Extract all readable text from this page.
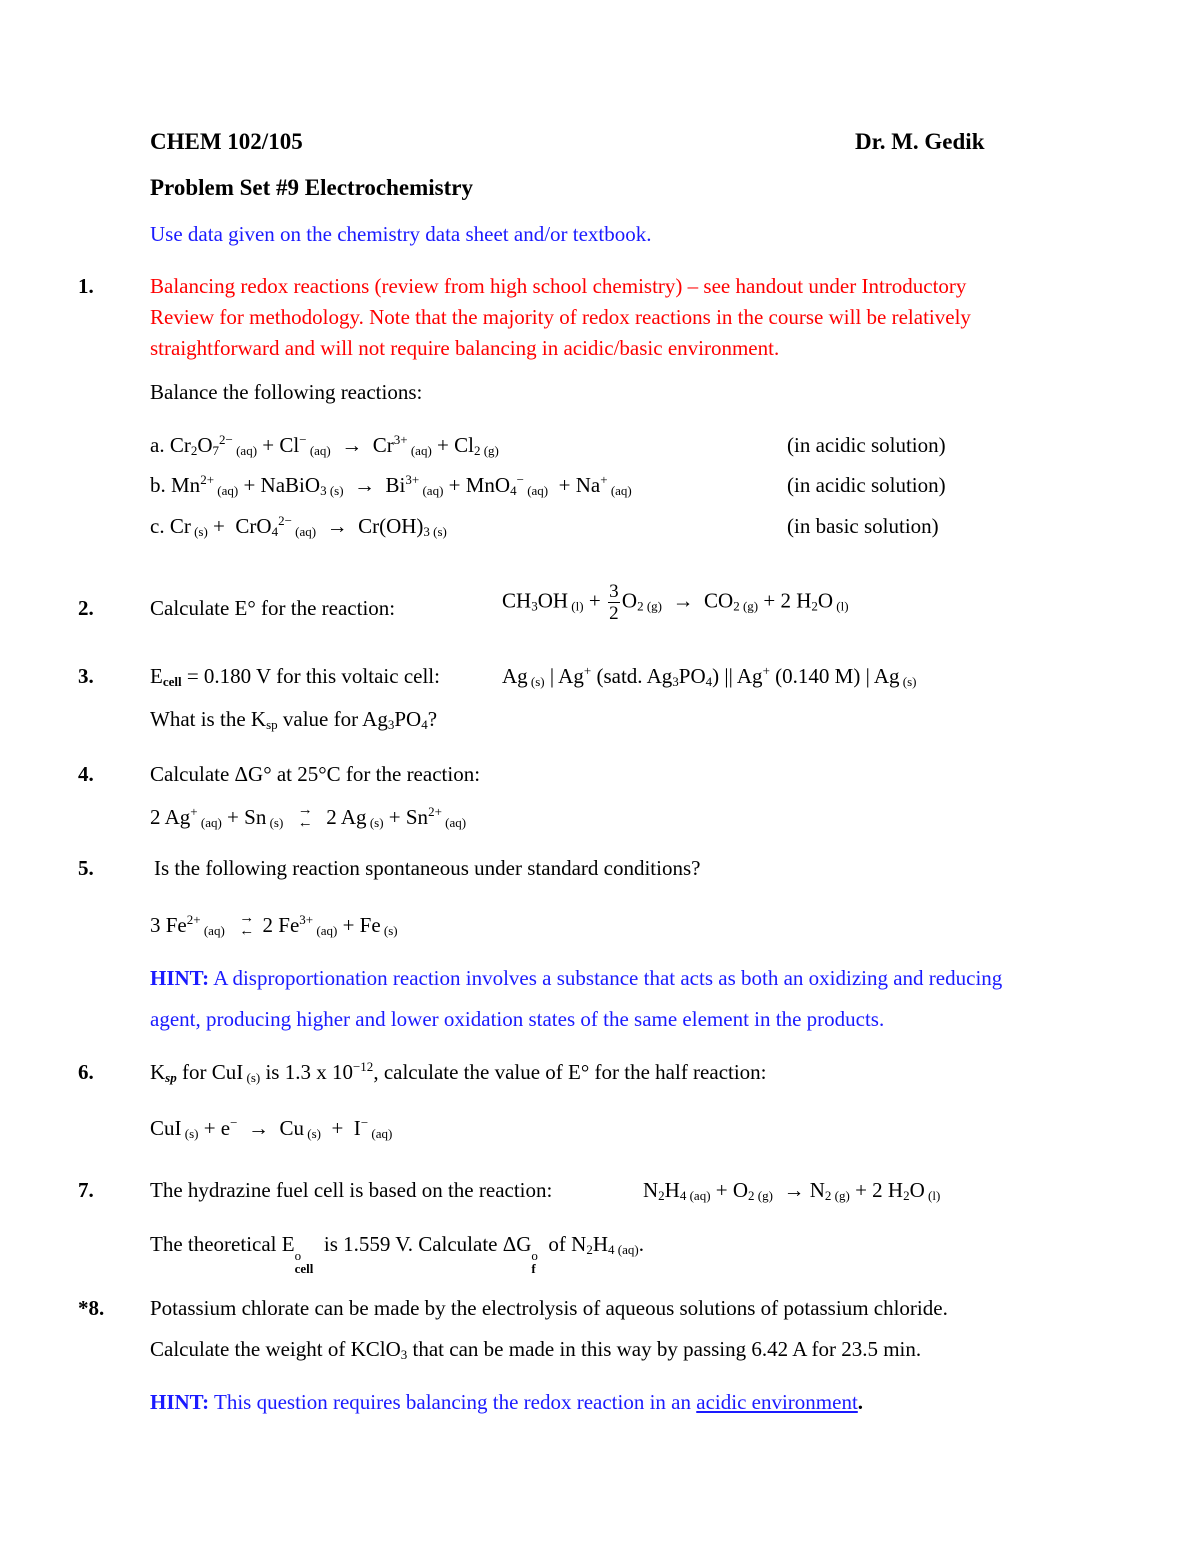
CHEM 102/105	Dr. M. Gedik
Problem Set #9 Electrochemistry
Use data given on the chemistry data sheet and/or textbook.
1.	Balancing redox reactions (review from high school chemistry) – see handout under Introductory
Review for methodology. Note that the majority of redox reactions in the course will be relatively
straightforward and will not require balancing in acidic/basic environment.
Balance the following reactions:
a. $Cr_2O_7^{2-}$ (aq) + Cl− $(aq) \to Cr^{3+}$ $(aq) + Cl_2$ (g)	(in acidic solution)
b. $Mn^{2+}$ (aq) + NaBiO$_3$ $(s) \to Bi^{3+}$ (aq) + MnO$_4$− (aq)  + Na+ (aq)	(in acidic solution)
c. Cr (s) +  CrO$_4^{2-}$ $(aq) \to Cr(OH)_3$ (s)	(in basic solution)
2.	Calculate E° for the reaction:	$CH_3OH$ $(l) + \frac{3}{2} O_2$ $(g) \to CO_2$ (g) + 2 $H_2O$ (l)
3.	$E_{cell} = 0.180$ V for this voltaic cell:	Ag (s) | Ag+ (satd. $Ag_3PO_4$) || Ag+ (0.140 M) | Ag (s)
What is the $K_{sp}$ value for $Ag_3PO_4$?
4.	Calculate ΔG° at 25°C for the reaction:
2 Ag+ (aq) + Sn (s)
→
← 2 Ag $(s) + Sn^{2+}$ (aq)
5.	Is the following reaction spontaneous under standard conditions?
3 $Fe^{2+}$ (aq)
→
← 2 $Fe^{3+}$ (aq) + Fe (s)
HINT: A disproportionation reaction involves a substance that acts as both an oxidizing and reducing
agent, producing higher and lower oxidation states of the same element in the products.
6.	$K_{sp}$ for CuI (s) is 1.3 x $10^{-12}$, calculate the value of E° for the half reaction:
CuI (s) + e−  →  Cu (s)  +  I− (aq)
7.	The hydrazine fuel cell is based on the reaction:	$N_2H_4$ $(aq) + O_2$ $(g) \to N_2$ (g) + 2 $H_2O$ (l)
The theoretical E o
cell
is 1.559 V. Calculate ΔG o
f
of $N_2H_4$ (aq).
*8. Potassium chlorate can be made by the electrolysis of aqueous solutions of potassium chloride.
Calculate the weight of KClO$_3$ that can be made in this way by passing 6.42 A for 23.5 min.
HINT: This question requires balancing the redox reaction in an acidic environment.
